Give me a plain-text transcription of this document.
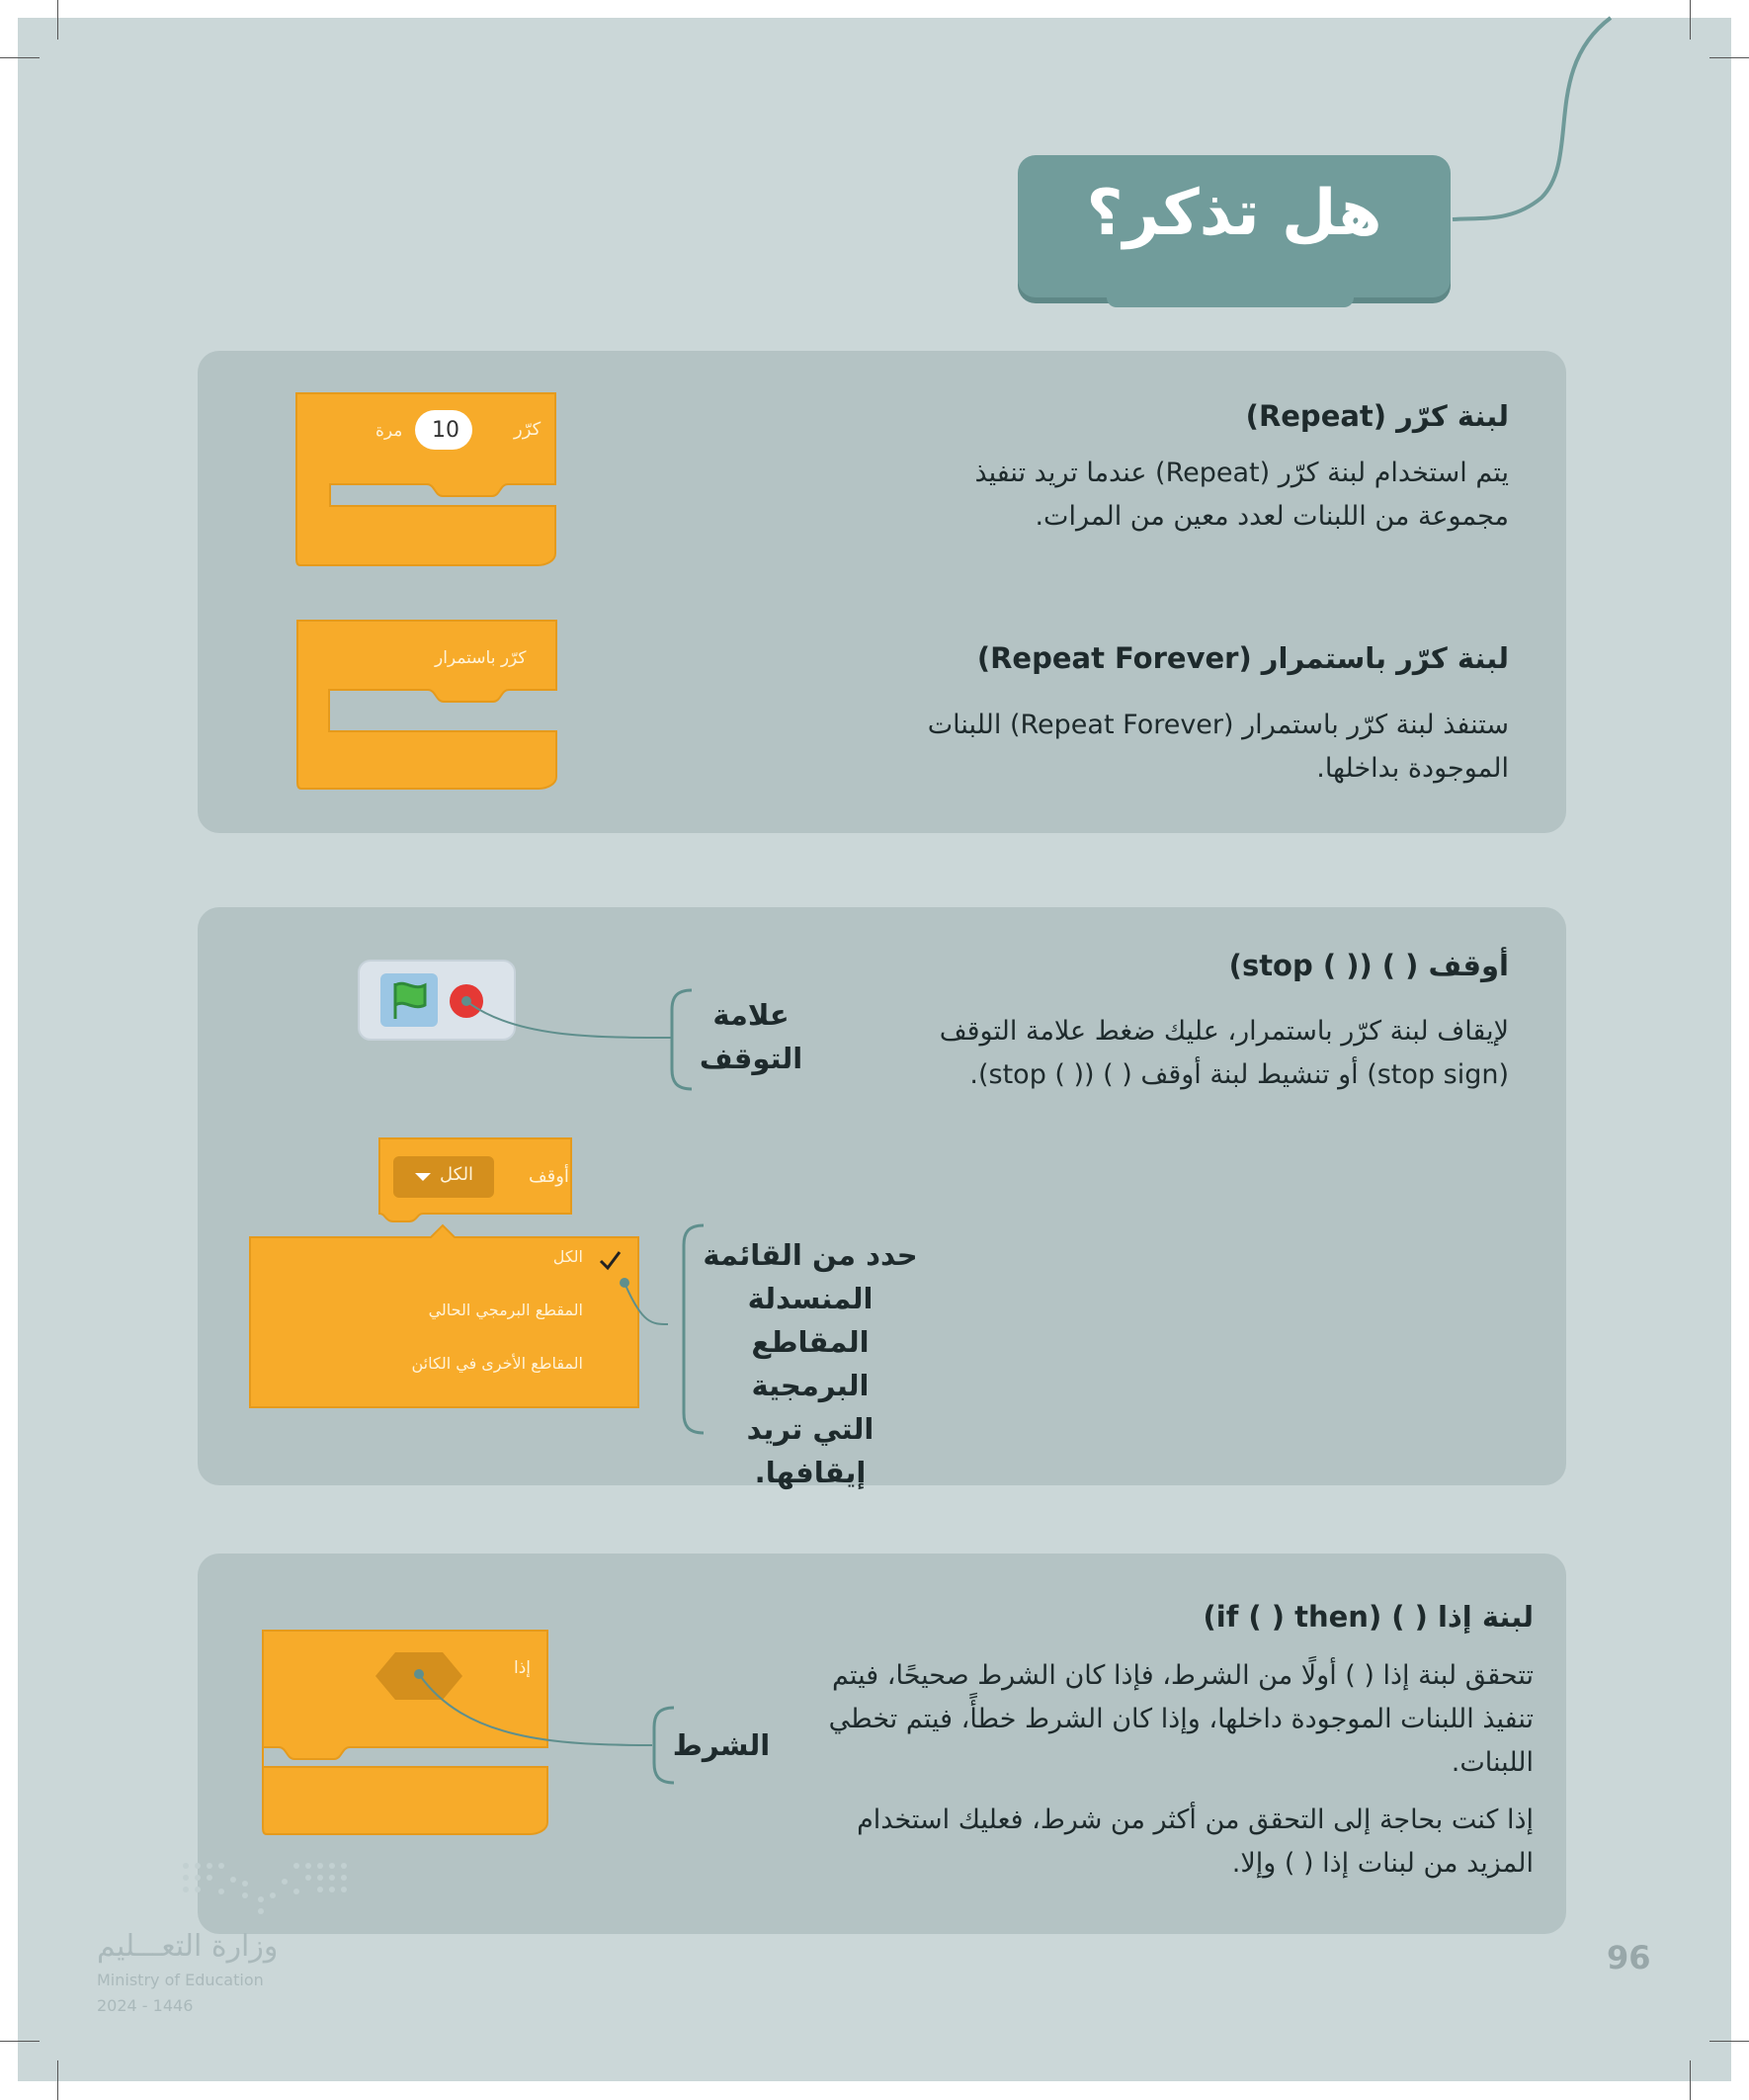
هل تذكر؟
كرّر
10
مرة
كرّر باستمرار
لبنة كرّر (Repeat)
يتم استخدام لبنة كرّر (Repeat) عندما تريد تنفيذ
مجموعة من اللبنات لعدد معين من المرات.
لبنة كرّر باستمرار (Repeat Forever)
ستنفذ لبنة كرّر باستمرار (Repeat Forever) اللبنات
الموجودة بداخلها.
أوقف
الكل
الكل
المقطع البرمجي الحالي
المقاطع الأخرى في الكائن
علامة
التوقف
حدد من القائمة
المنسدلة
المقاطع البرمجية
التي تريد إيقافها.
أوقف ( ) (( ) stop)
لإيقاف لبنة كرّر باستمرار، عليك ضغط علامة التوقف
(stop sign) أو تنشيط لبنة أوقف ( ) (( ) stop).
إذا
الشرط
لبنة إذا ( ) (if ( ) then)
تتحقق لبنة إذا ( ) أولًا من الشرط، فإذا كان الشرط صحيحًا، فيتم
تنفيذ اللبنات الموجودة داخلها، وإذا كان الشرط خطأً، فيتم تخطي
اللبنات.
إذا كنت بحاجة إلى التحقق من أكثر من شرط، فعليك استخدام
المزيد من لبنات إذا ( ) وإلا.
وزارة التعـــليم
Ministry of Education
2024 - 1446
96
